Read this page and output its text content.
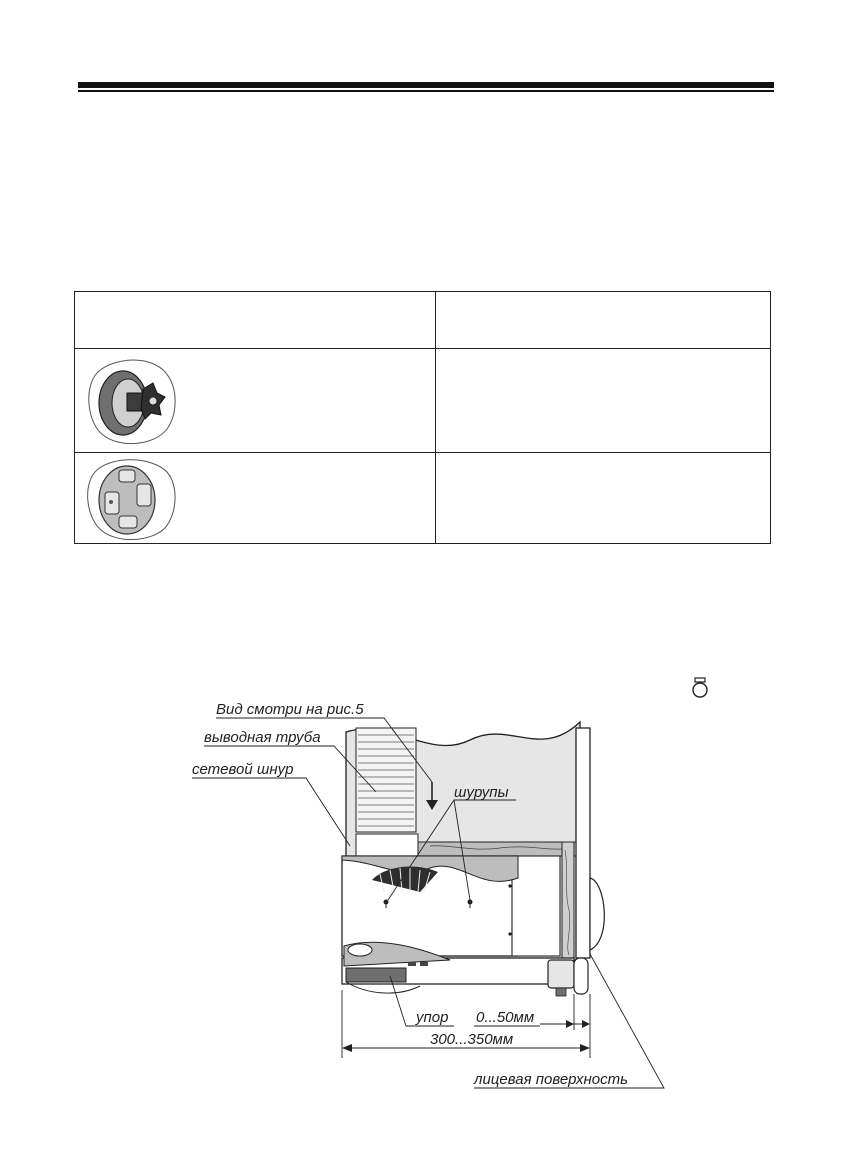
Вид смотри на рис.5
выводная труба
сетевой шнур
шурупы
упор 0...50мм
300...350мм
лицевая поверхность
